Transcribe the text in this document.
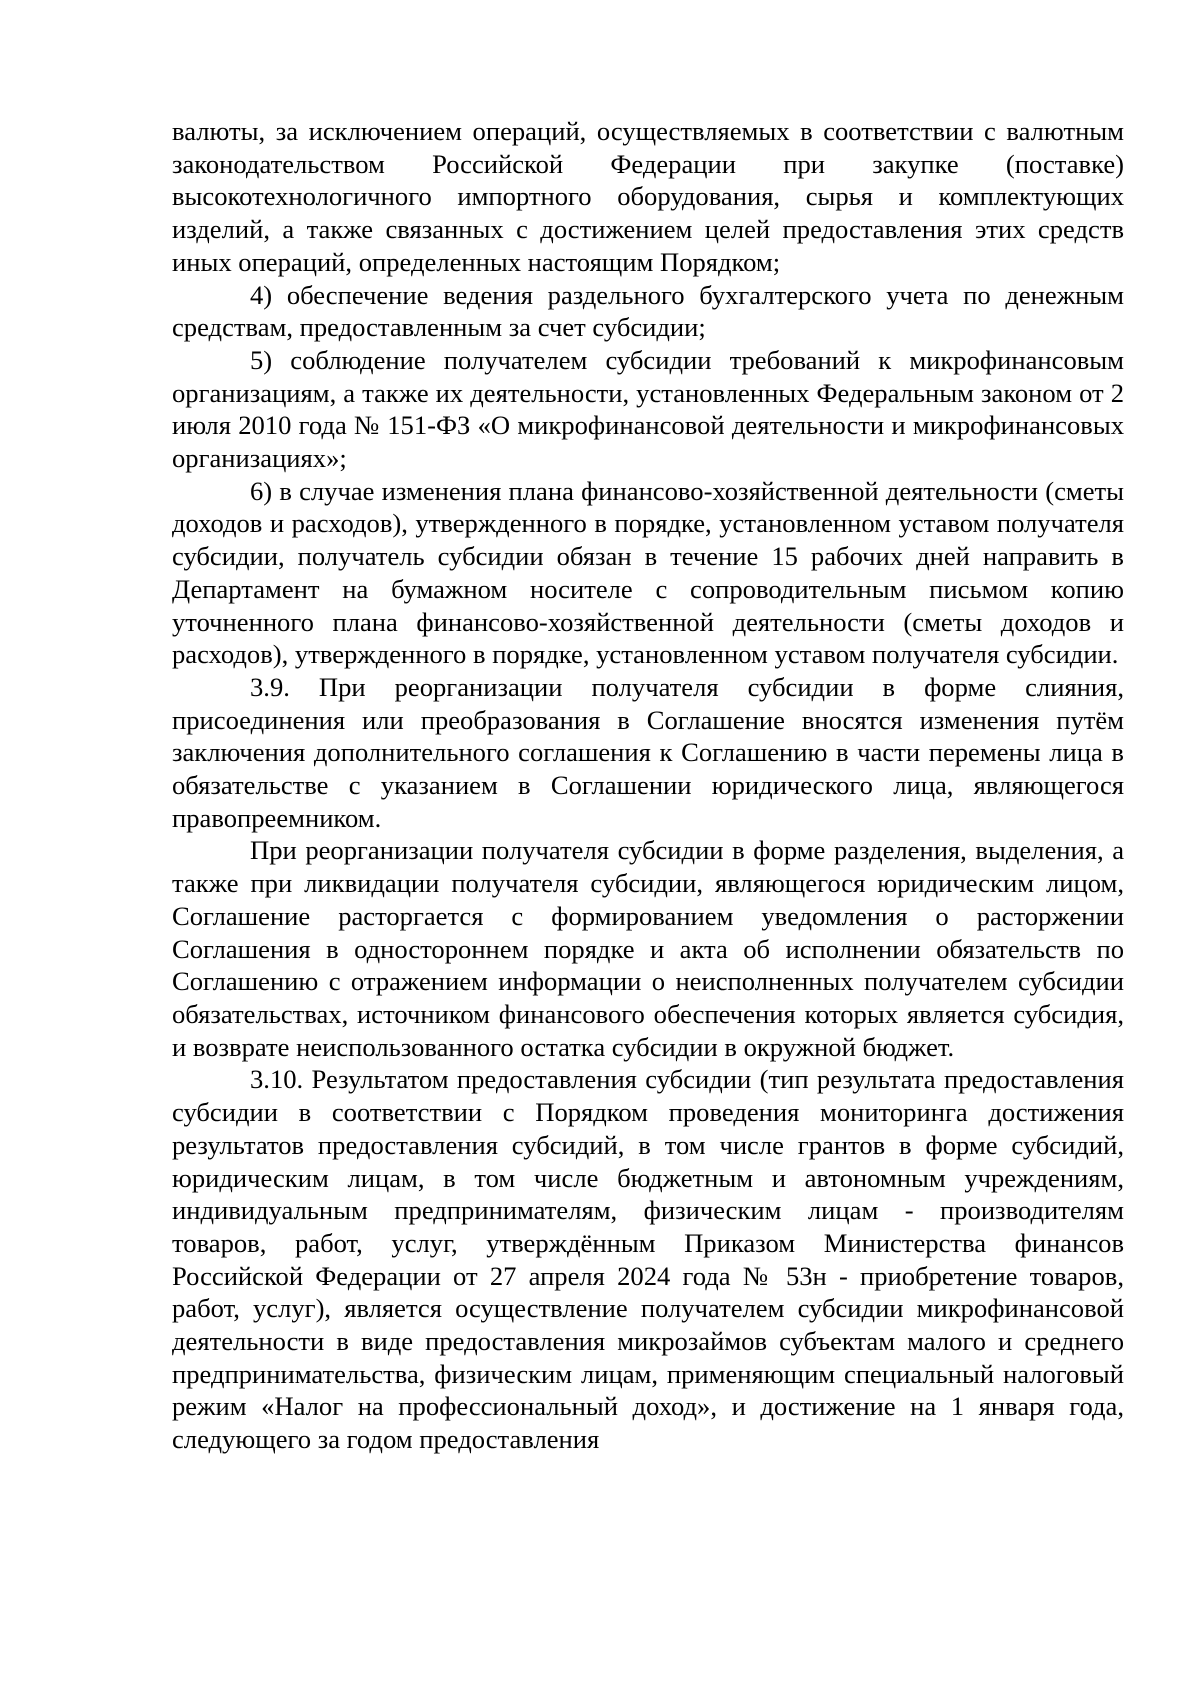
валюты, за исключением операций, осуществляемых в соответствии с валютным законодательством Российской Федерации при закупке (поставке) высокотехнологичного импортного оборудования, сырья и комплектующих изделий, а также связанных с достижением целей предоставления этих средств иных операций, определенных настоящим Порядком;

4) обеспечение ведения раздельного бухгалтерского учета по денежным средствам, предоставленным за счет субсидии;

5) соблюдение получателем субсидии требований к микрофинансовым организациям, а также их деятельности, установленных Федеральным законом от 2 июля 2010 года № 151-ФЗ «О микрофинансовой деятельности и микрофинансовых организациях»;

6) в случае изменения плана финансово-хозяйственной деятельности (сметы доходов и расходов), утвержденного в порядке, установленном уставом получателя субсидии, получатель субсидии обязан в течение 15 рабочих дней направить в Департамент на бумажном носителе с сопроводительным письмом копию уточненного плана финансово-хозяйственной деятельности (сметы доходов и расходов), утвержденного в порядке, установленном уставом получателя субсидии.

3.9. При реорганизации получателя субсидии в форме слияния, присоединения или преобразования в Соглашение вносятся изменения путём заключения дополнительного соглашения к Соглашению в части перемены лица в обязательстве с указанием в Соглашении юридического лица, являющегося правопреемником.

При реорганизации получателя субсидии в форме разделения, выделения, а также при ликвидации получателя субсидии, являющегося юридическим лицом, Соглашение расторгается с формированием уведомления о расторжении Соглашения в одностороннем порядке и акта об исполнении обязательств по Соглашению с отражением информации о неисполненных получателем субсидии обязательствах, источником финансового обеспечения которых является субсидия, и возврате неиспользованного остатка субсидии в окружной бюджет.

3.10. Результатом предоставления субсидии (тип результата предоставления субсидии в соответствии с Порядком проведения мониторинга достижения результатов предоставления субсидий, в том числе грантов в форме субсидий, юридическим лицам, в том числе бюджетным и автономным учреждениям, индивидуальным предпринимателям, физическим лицам - производителям товаров, работ, услуг, утверждённым Приказом Министерства финансов Российской Федерации от 27 апреля 2024 года № 53н - приобретение товаров, работ, услуг), является осуществление получателем субсидии микрофинансовой деятельности в виде предоставления микрозаймов субъектам малого и среднего предпринимательства, физическим лицам, применяющим специальный налоговый режим «Налог на профессиональный доход», и достижение на 1 января года, следующего за годом предоставления
